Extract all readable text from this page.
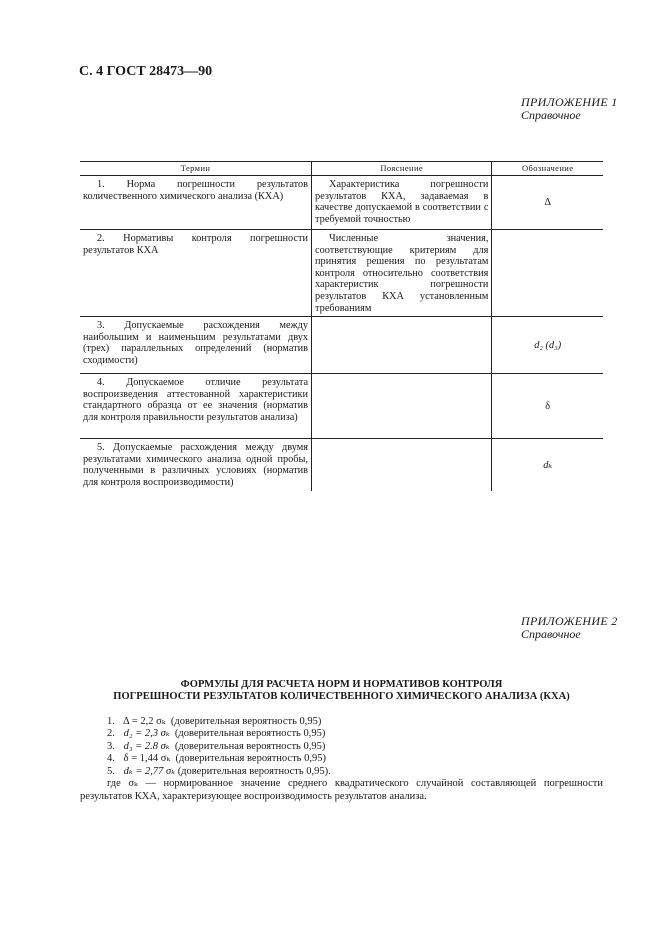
С. 4 ГОСТ 28473—90
ПРИЛОЖЕНИЕ 1
Справочное
Термин	Пояснение	Обозначение
1. Норма погрешности результатов количественного химического анализа (КХА)	Характеристика погрешности результатов КХА, задаваемая в качестве допускаемой в соответствии с требуемой точностью	Δ
2. Нормативы контроля погрешности результатов КХА	Численные значения, соответствующие критериям для принятия решения по результатам контроля относительно соответствия характеристик погрешности результатов КХА установленным требованиям	
3. Допускаемые расхождения между наибольшим и наименьшим результатами двух (трех) параллельных определений (норматив сходимости)		d₂ (d₃)
4. Допускаемое отличие результата воспроизведения аттестованной характеристики стандартного образца от ее значения (норматив для контроля правильности результатов анализа)		δ
5. Допускаемые расхождения между двумя результатами химического анализа одной пробы, полученными в различных условиях (норматив для контроля воспроизводимости)		dₖ
ПРИЛОЖЕНИЕ 2
Справочное
ФОРМУЛЫ ДЛЯ РАСЧЕТА НОРМ И НОРМАТИВОВ КОНТРОЛЯ
ПОГРЕШНОСТИ РЕЗУЛЬТАТОВ КОЛИЧЕСТВЕННОГО ХИМИЧЕСКОГО АНАЛИЗА (КХА)
1. Δ = 2,2 σₖ (доверительная вероятность 0,95)
2. d₂ = 2,3 σₖ (доверительная вероятность 0,95)
3. d₃ = 2.8 σₖ (доверительная вероятность 0,95)
4. δ = 1,44 σₖ (доверительная вероятность 0,95)
5. dₖ = 2,77 σₖ (доверительная вероятность 0,95).
где σₖ — нормированное значение среднего квадратического случайной составляющей погрешности результатов КХА, характеризующее воспроизводимость результатов анализа.
